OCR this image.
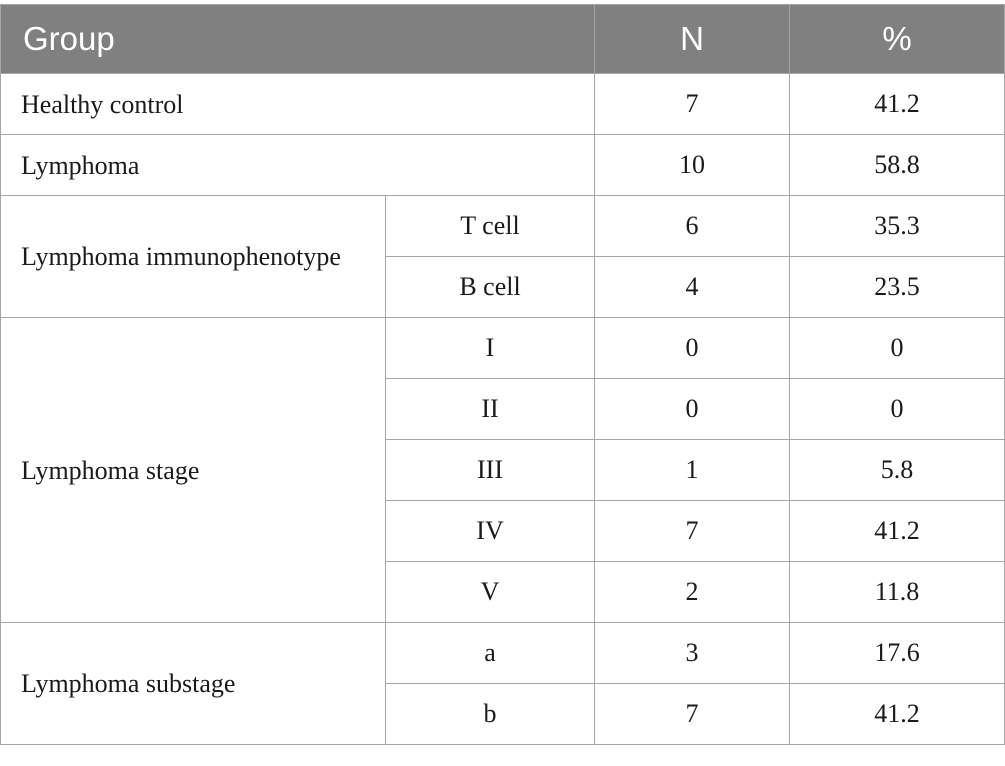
Group		N	%
Healthy control		7	41.2
Lymphoma		10	58.8
Lymphoma immunophenotype	T cell	6	35.3
	B cell	4	23.5
Lymphoma stage	I	0	0
	II	0	0
	III	1	5.8
	IV	7	41.2
	V	2	11.8
Lymphoma substage	a	3	17.6
	b	7	41.2
